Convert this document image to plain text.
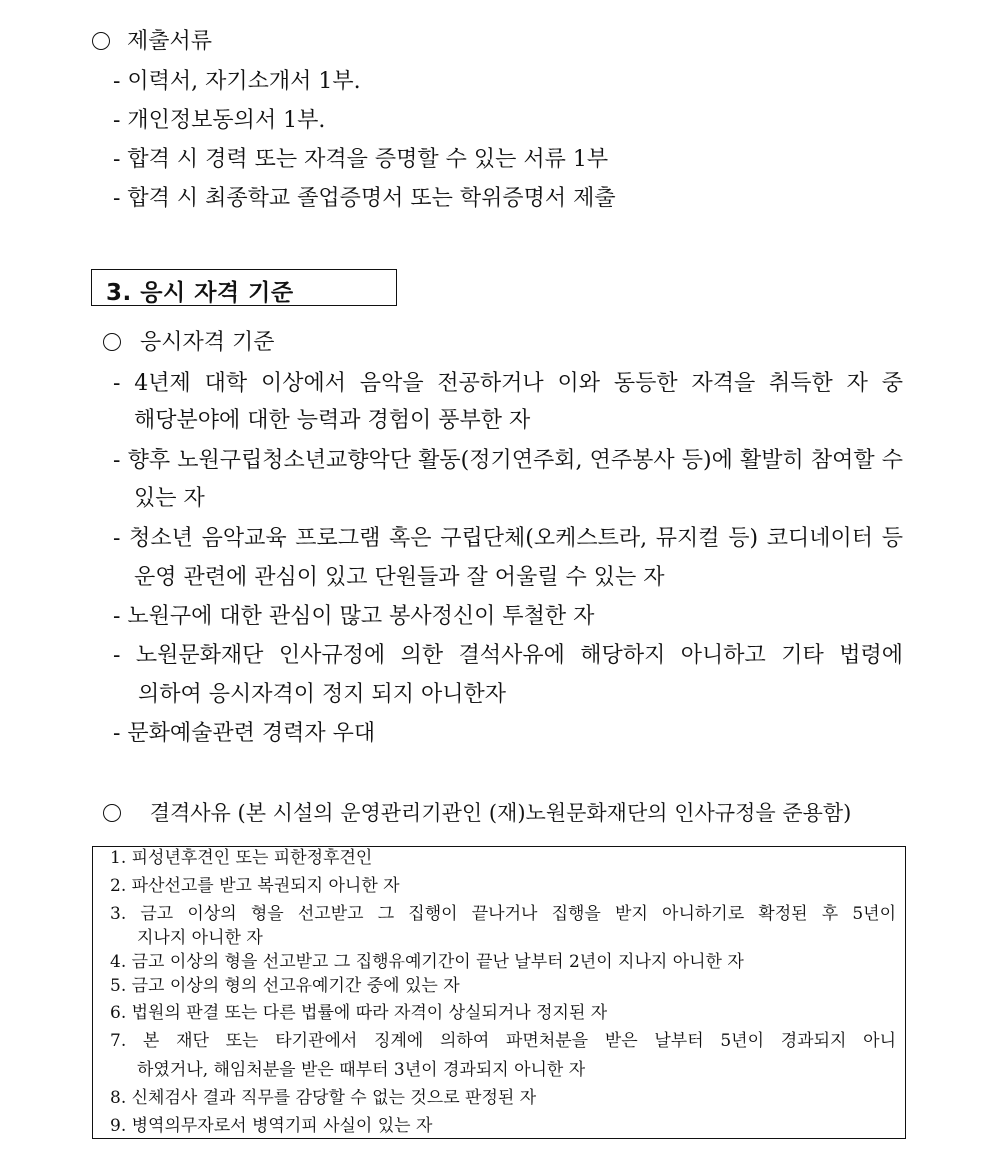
제출서류
- 이력서, 자기소개서 1부.
- 개인정보동의서 1부.
- 합격 시 경력 또는 자격을 증명할 수 있는 서류 1부
- 합격 시 최종학교 졸업증명서 또는 학위증명서 제출
3. 응시 자격 기준
응시자격 기준
- 4년제 대학 이상에서 음악을 전공하거나 이와 동등한 자격을 취득한 자 중
해당분야에 대한 능력과 경험이 풍부한 자
- 향후 노원구립청소년교향악단 활동(정기연주회, 연주봉사 등)에 활발히 참여할 수
있는 자
- 청소년 음악교육 프로그램 혹은 구립단체(오케스트라, 뮤지컬 등) 코디네이터 등
운영 관련에 관심이 있고 단원들과 잘 어울릴 수 있는 자
- 노원구에 대한 관심이 많고 봉사정신이 투철한 자
- 노원문화재단 인사규정에 의한 결석사유에 해당하지 아니하고 기타 법령에
의하여 응시자격이 정지 되지 아니한자
- 문화예술관련 경력자 우대
결격사유 (본 시설의 운영관리기관인 (재)노원문화재단의 인사규정을 준용함)
1. 피성년후견인 또는 피한정후견인
2. 파산선고를 받고 복권되지 아니한 자
3. 금고 이상의 형을 선고받고 그 집행이 끝나거나 집행을 받지 아니하기로 확정된 후 5년이
지나지 아니한 자
4. 금고 이상의 형을 선고받고 그 집행유예기간이 끝난 날부터 2년이 지나지 아니한 자
5. 금고 이상의 형의 선고유예기간 중에 있는 자
6. 법원의 판결 또는 다른 법률에 따라 자격이 상실되거나 정지된 자
7. 본 재단 또는 타기관에서 징계에 의하여 파면처분을 받은 날부터 5년이 경과되지 아니
하였거나, 해임처분을 받은 때부터 3년이 경과되지 아니한 자
8. 신체검사 결과 직무를 감당할 수 없는 것으로 판정된 자
9. 병역의무자로서 병역기피 사실이 있는 자
